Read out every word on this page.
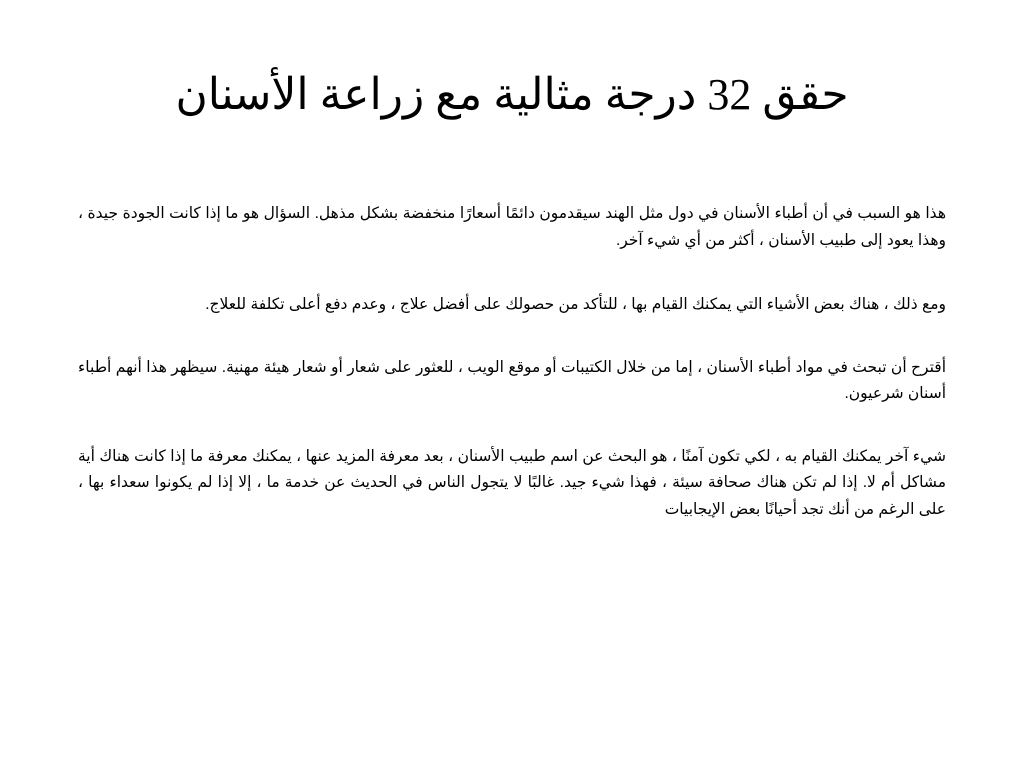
حقق 32 درجة مثالية مع زراعة الأسنان

هذا هو السبب في أن أطباء الأسنان في دول مثل الهند سيقدمون دائمًا أسعارًا منخفضة بشكل مذهل. السؤال هو ما إذا كانت الجودة جيدة ، وهذا يعود إلى طبيب الأسنان ، أكثر من أي شيء آخر.

ومع ذلك ، هناك بعض الأشياء التي يمكنك القيام بها ، للتأكد من حصولك على أفضل علاج ، وعدم دفع أعلى تكلفة للعلاج.

أقترح أن تبحث في مواد أطباء الأسنان ، إما من خلال الكتيبات أو موقع الويب ، للعثور على شعار أو شعار هيئة مهنية. سيظهر هذا أنهم أطباء أسنان شرعيون.

شيء آخر يمكنك القيام به ، لكي تكون آمنًا ، هو البحث عن اسم طبيب الأسنان ، بعد معرفة المزيد عنها ، يمكنك معرفة ما إذا كانت هناك أية مشاكل أم لا. إذا لم تكن هناك صحافة سيئة ، فهذا شيء جيد. غالبًا لا يتجول الناس في الحديث عن خدمة ما ، إلا إذا لم يكونوا سعداء بها ، على الرغم من أنك تجد أحيانًا بعض الإيجابيات
